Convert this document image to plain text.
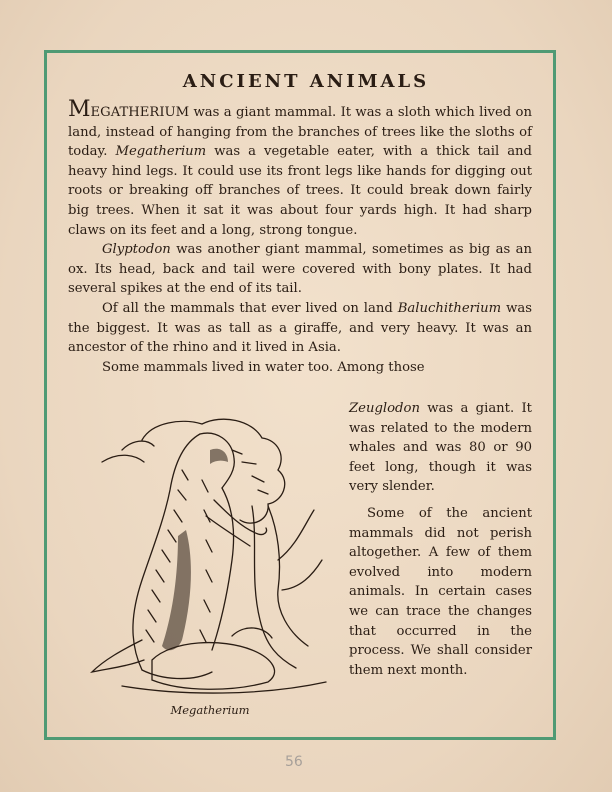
ANCIENT ANIMALS

MEGATHERIUM was a giant mammal. It was a sloth which lived on land, instead of hanging from the branches of trees like the sloths of today. Megatherium was a vegetable eater, with a thick tail and heavy hind legs. It could use its front legs like hands for digging out roots or breaking off branches of trees. It could break down fairly big trees. When it sat it was about four yards high. It had sharp claws on its feet and a long, strong tongue.

Glyptodon was another giant mammal, sometimes as big as an ox. Its head, back and tail were covered with bony plates. It had several spikes at the end of its tail.

Of all the mammals that ever lived on land Baluchitherium was the biggest. It was as tall as a giraffe, and very heavy. It was an ancestor of the rhino and it lived in Asia.

Some mammals lived in water too. Among those

Zeuglodon was a giant. It was related to the modern whales and was 80 or 90 feet long, though it was very slender.

Some of the ancient mammals did not perish altogether. A few of them evolved into modern animals. In certain cases we can trace the changes that occurred in the process. We shall consider them next month.

Megatherium
56
